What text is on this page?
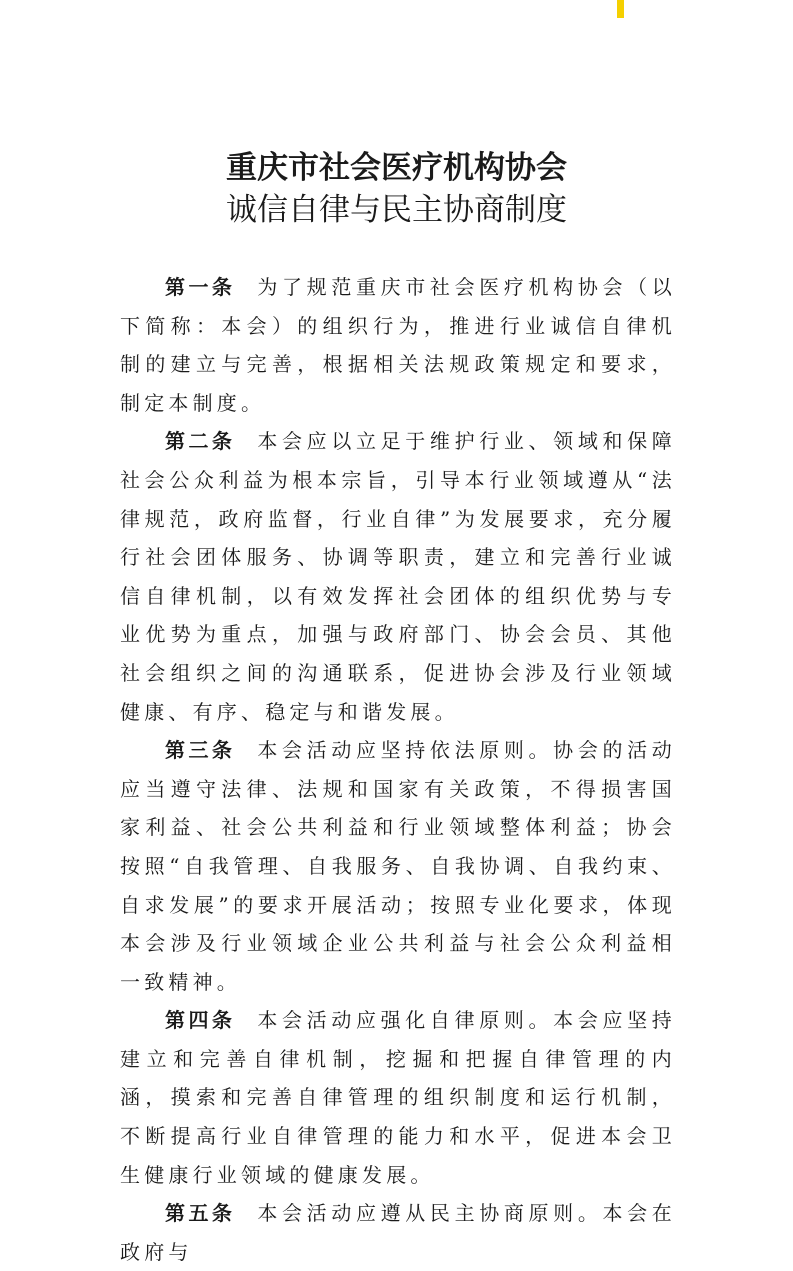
重庆市社会医疗机构协会
诚信自律与民主协商制度

第一条 为了规范重庆市社会医疗机构协会（以下简称：本会）的组织行为，推进行业诚信自律机制的建立与完善，根据相关法规政策规定和要求，制定本制度。

第二条 本会应以立足于维护行业、领域和保障社会公众利益为根本宗旨，引导本行业领域遵从“法律规范，政府监督，行业自律”为发展要求，充分履行社会团体服务、协调等职责，建立和完善行业诚信自律机制，以有效发挥社会团体的组织优势与专业优势为重点，加强与政府部门、协会会员、其他社会组织之间的沟通联系，促进协会涉及行业领域健康、有序、稳定与和谐发展。

第三条 本会活动应坚持依法原则。协会的活动应当遵守法律、法规和国家有关政策，不得损害国家利益、社会公共利益和行业领域整体利益；协会按照“自我管理、自我服务、自我协调、自我约束、自求发展”的要求开展活动；按照专业化要求，体现本会涉及行业领域企业公共利益与社会公众利益相一致精神。

第四条 本会活动应强化自律原则。本会应坚持建立和完善自律机制，挖掘和把握自律管理的内涵，摸索和完善自律管理的组织制度和运行机制，不断提高行业自律管理的能力和水平，促进本会卫生健康行业领域的健康发展。

第五条 本会活动应遵从民主协商原则。本会在政府与
